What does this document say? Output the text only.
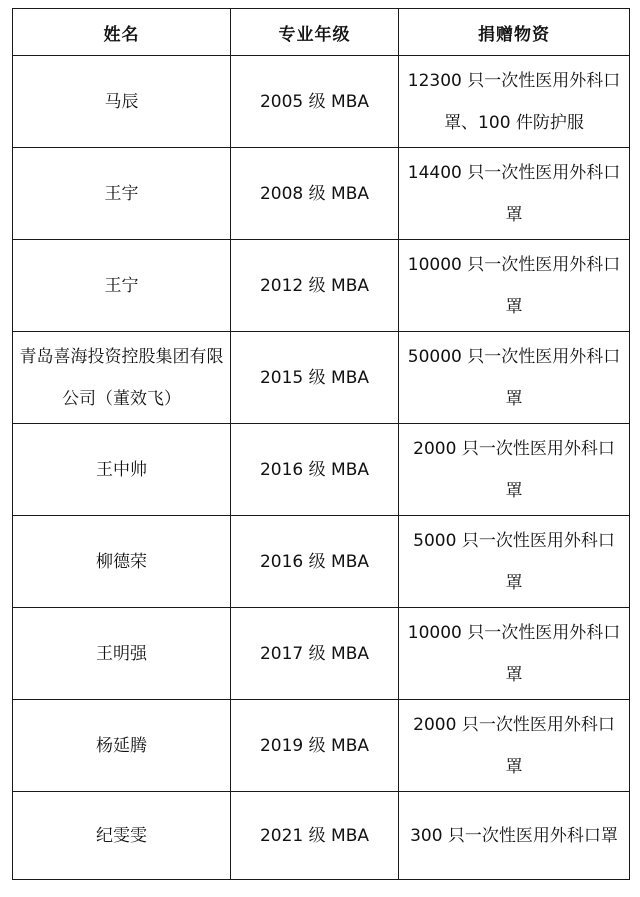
姓名	专业年级	捐赠物资

马辰	2005 级 MBA	12300 只一次性医用外科口罩、100 件防护服

王宇	2008 级 MBA	14400 只一次性医用外科口罩

王宁	2012 级 MBA	10000 只一次性医用外科口罩

青岛喜海投资控股集团有限公司（董效飞）	2015 级 MBA	50000 只一次性医用外科口罩

王中帅	2016 级 MBA	2000 只一次性医用外科口罩

柳德荣	2016 级 MBA	5000 只一次性医用外科口罩

王明强	2017 级 MBA	10000 只一次性医用外科口罩

杨延腾	2019 级 MBA	2000 只一次性医用外科口罩

纪雯雯	2021 级 MBA	300 只一次性医用外科口罩
